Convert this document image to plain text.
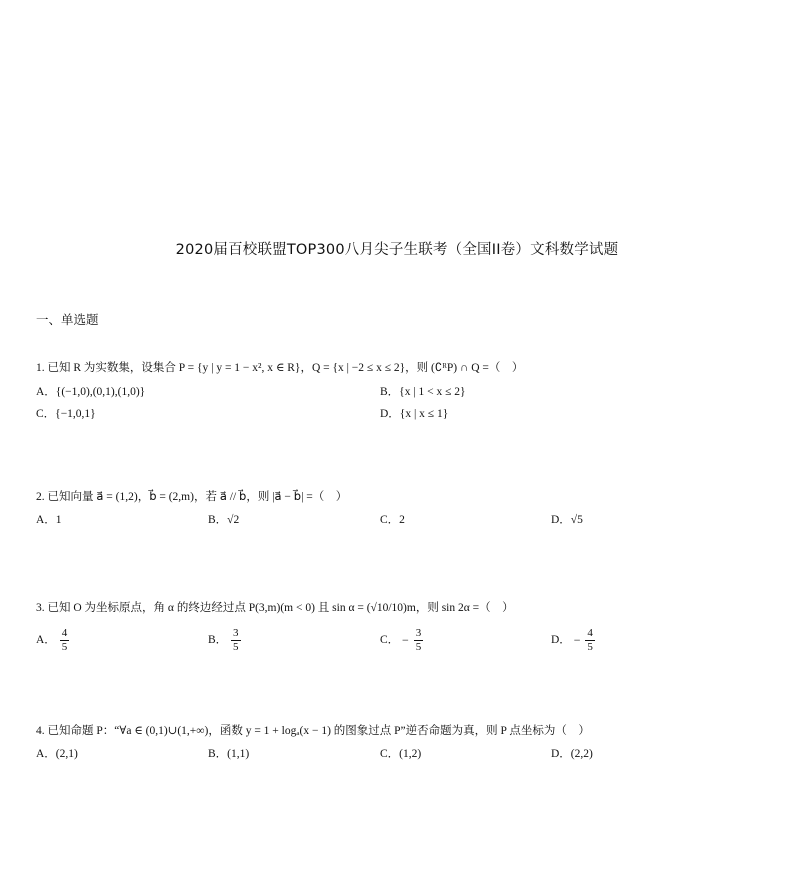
2020届百校联盟TOP300八月尖子生联考（全国II卷）文科数学试题
一、单选题
1. 已知 R 为实数集，设集合 P = {y | y = 1 − x², x ∈ R}，Q = {x | −2 ≤ x ≤ 2}，则 (∁ᴿP) ∩ Q =（　）
A．{(−1,0),(0,1),(1,0)}	B．{x | 1 < x ≤ 2}
C．{−1,0,1}	D．{x | x ≤ 1}
2. 已知向量 a⃗ = (1,2)，b⃗ = (2,m)，若 a⃗ // b⃗，则 |a⃗ − b⃗| =（　）
A．1	B．√2	C．2	D．√5
3. 已知 O 为坐标原点，角 α 的终边经过点 P(3,m)(m < 0) 且 sin α = (√10/10)m，则 sin 2α =（　）
A． $\frac{4}{5}$	B． $\frac{3}{5}$	C． − $\frac{3}{5}$	D． − $\frac{4}{5}$
4. 已知命题 P：“∀a ∈ (0,1)∪(1,+∞)，函数 y = 1 + logₐ(x − 1) 的图象过点 P”逆否命题为真，则 P 点坐标为（　）
A．(2,1)	B．(1,1)	C．(1,2)	D．(2,2)
